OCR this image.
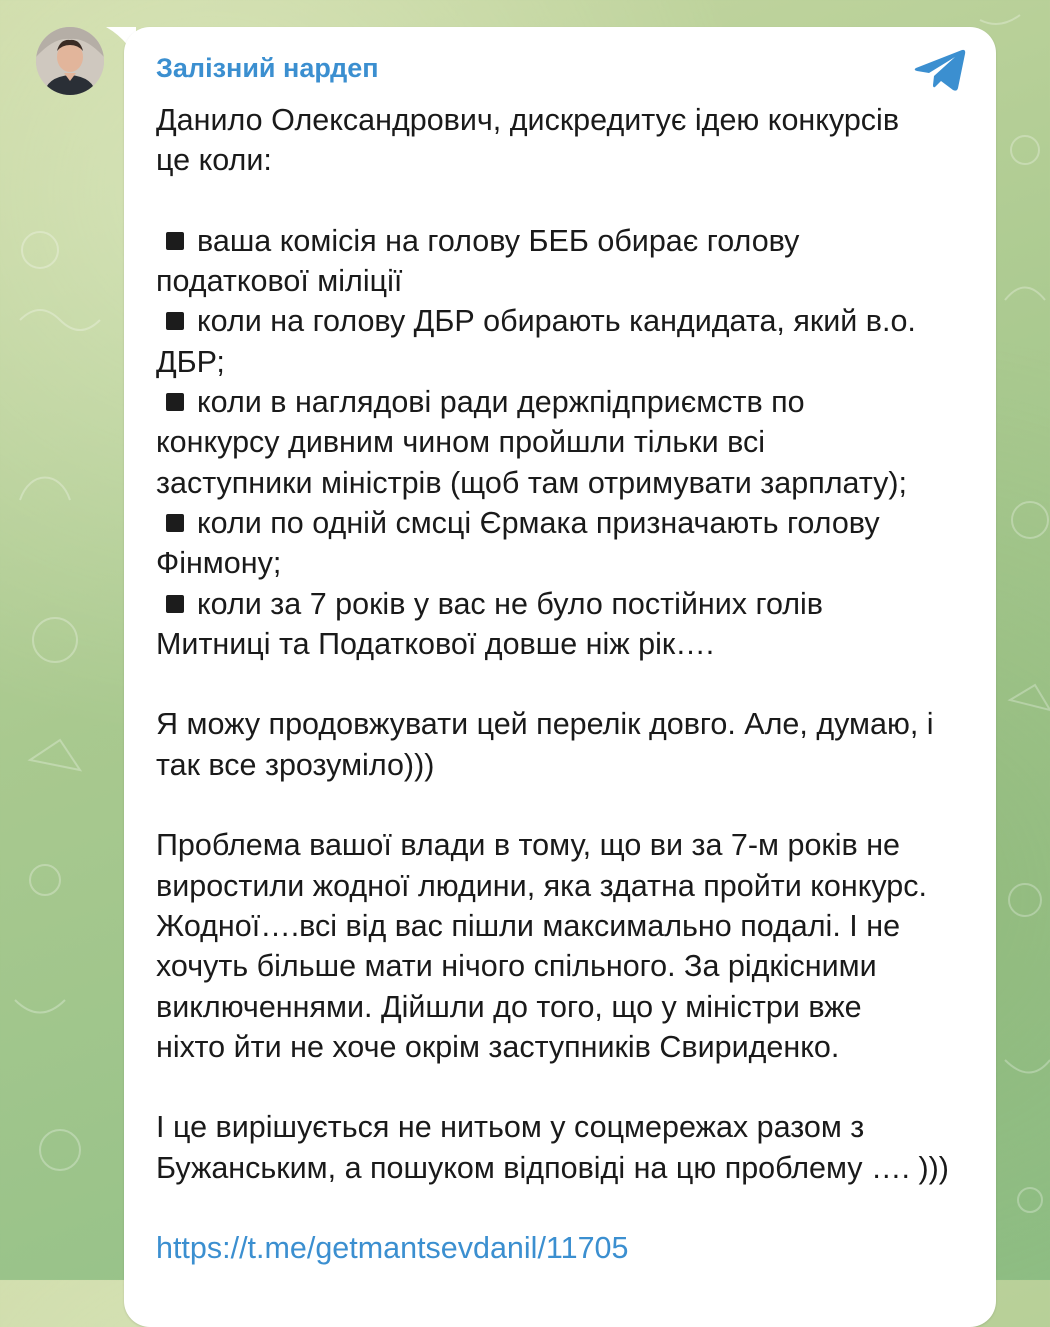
Залізний нардеп

Данило Олександрович, дискредитує ідею конкурсів

це коли:

ваша комісія на голову БЕБ обирає голову

податкової міліції

коли на голову ДБР обирають кандидата, який в.о.

ДБР;

коли в наглядові ради держпідприємств по

конкурсу дивним чином пройшли тільки всі

заступники міністрів (щоб там отримувати зарплату);

коли по одній смсці Єрмака призначають голову

Фінмону;

коли за 7 років у вас не було постійних голів

Митниці та Податкової довше ніж рік….

Я можу продовжувати цей перелік довго. Але, думаю, і

так все зрозуміло)))

Проблема вашої влади в тому, що ви за 7-м років не

виростили жодної людини, яка здатна пройти конкурс.

Жодної….всі від вас пішли максимально подалі. І не

хочуть більше мати нічого спільного. За рідкісними

виключеннями. Дійшли до того, що у міністри вже

ніхто йти не хоче окрім заступників Свириденко.

І це вирішується не нитьом у соцмережах разом з

Бужанським, а пошуком відповіді на цю проблему …. )))

https://t.me/getmantsevdanil/11705
